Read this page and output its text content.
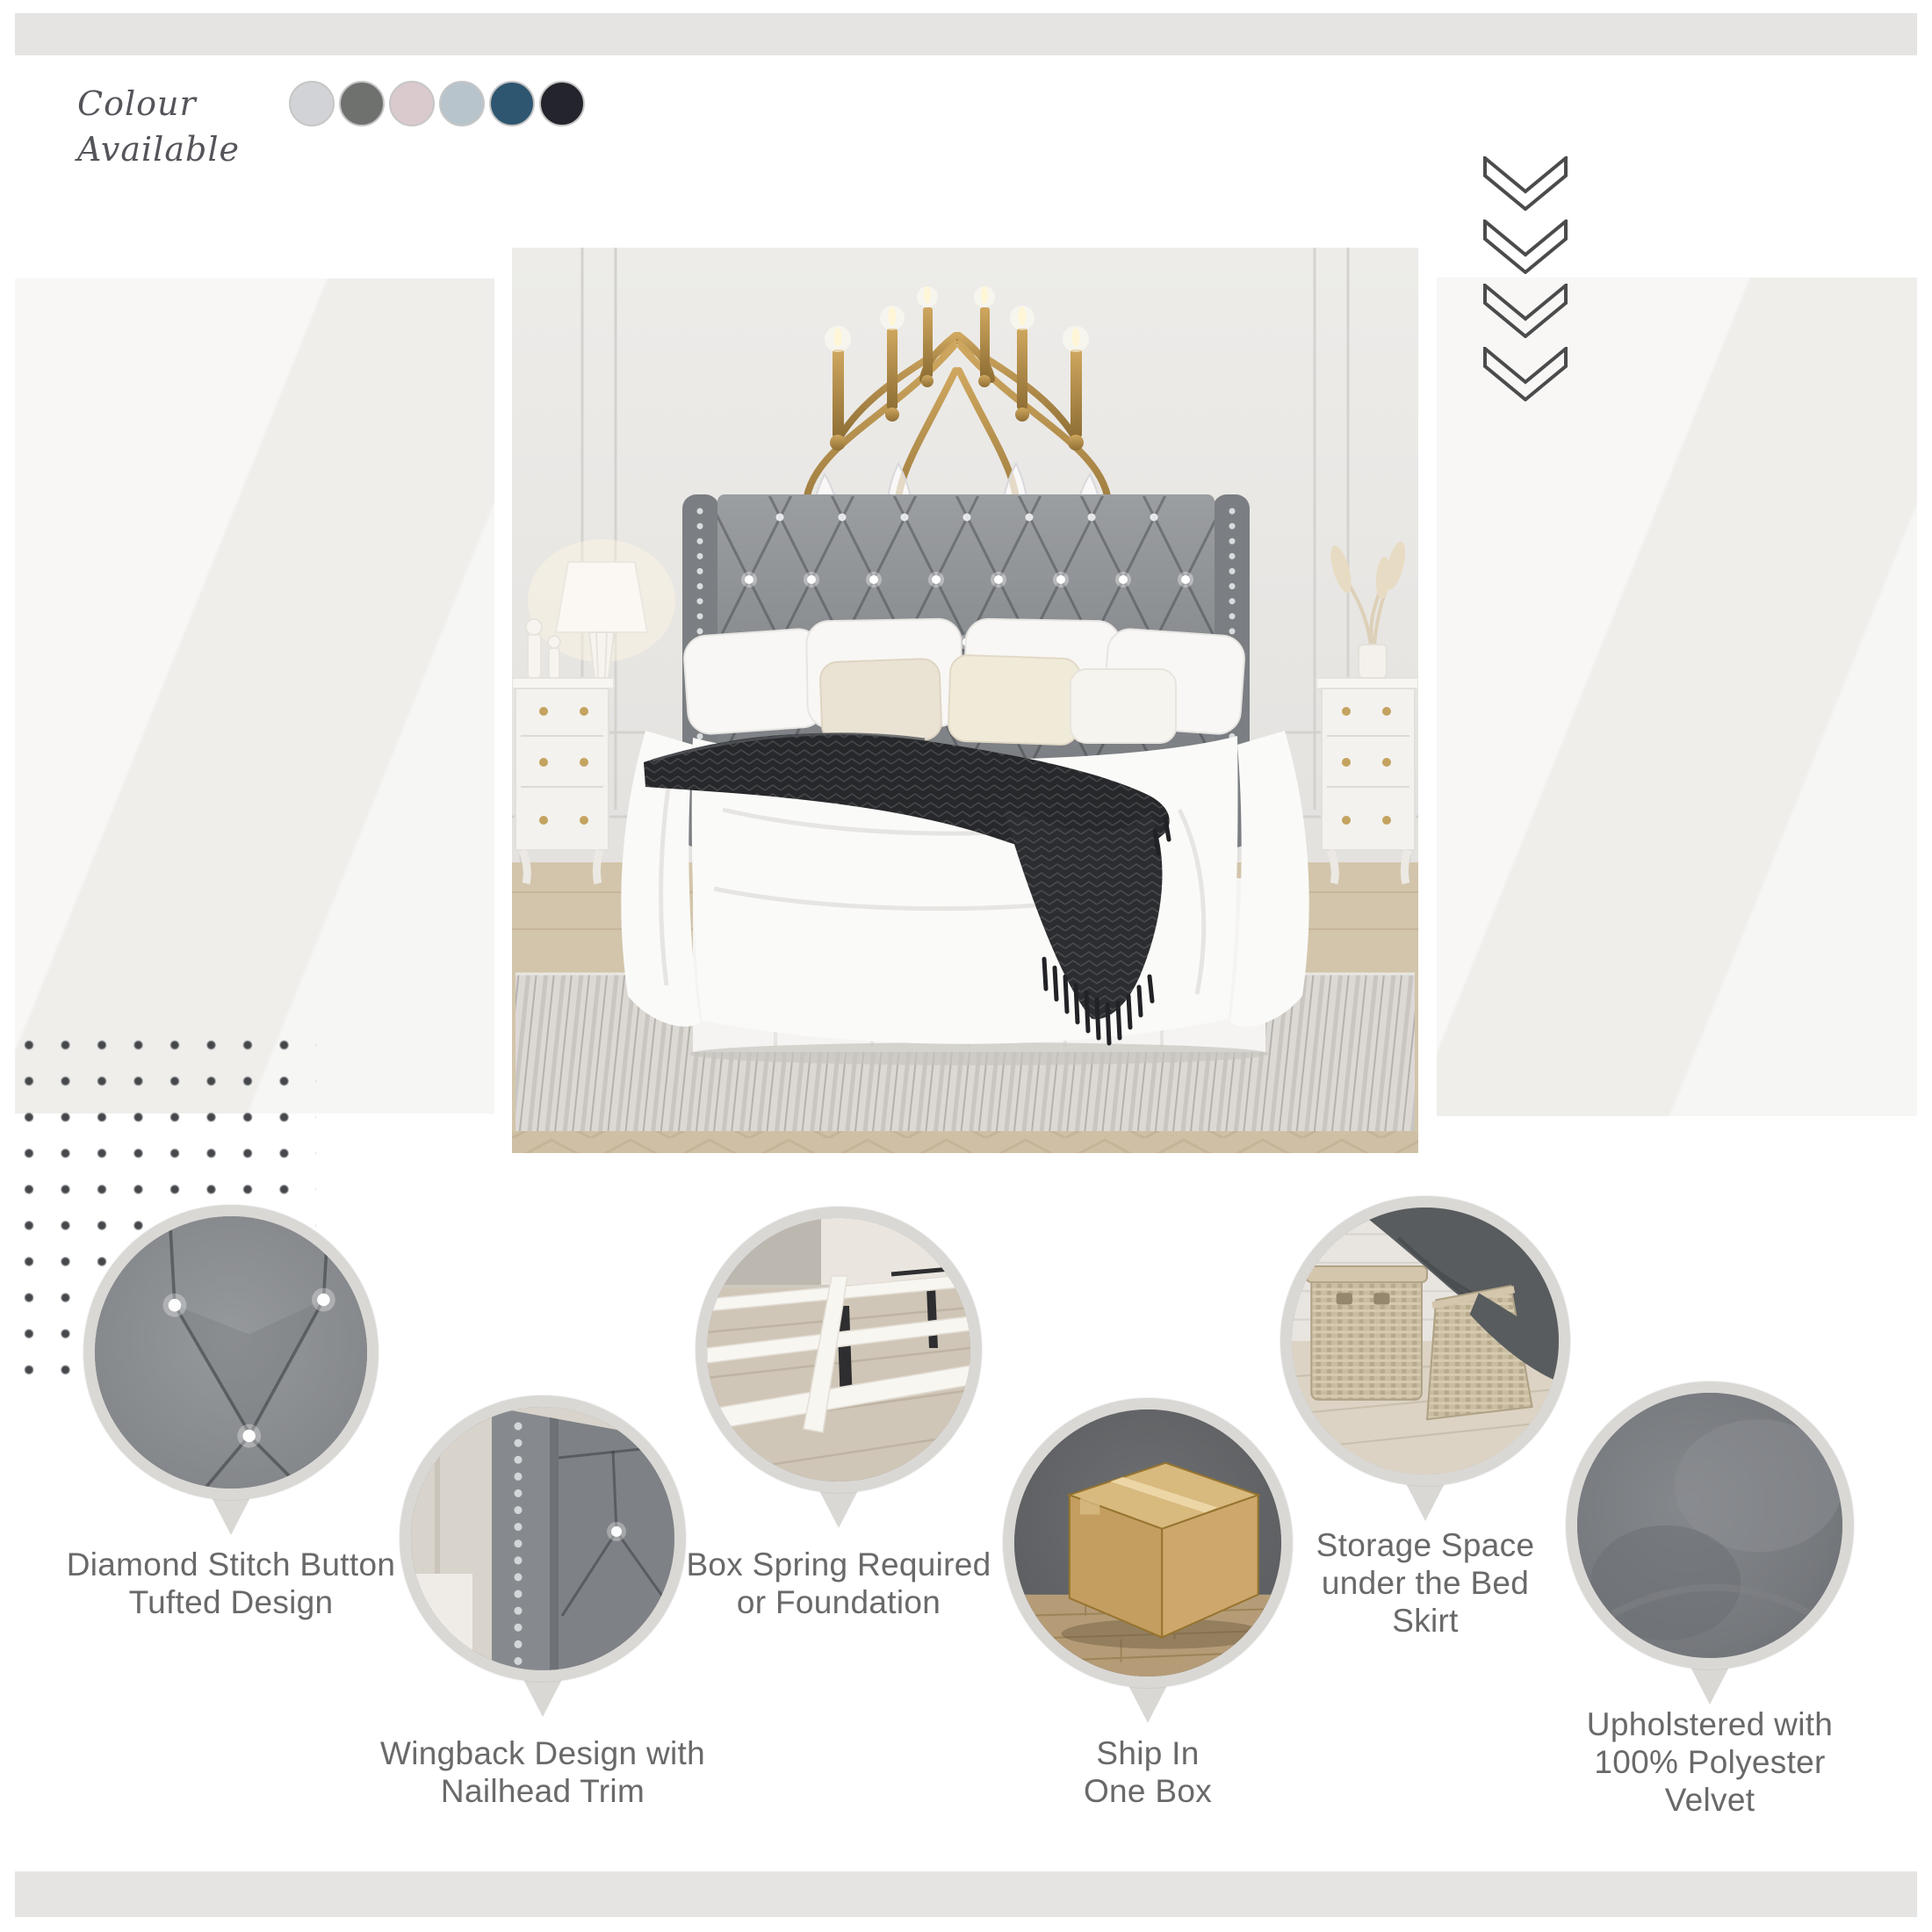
Colour Available
Diamond Stitch Button
Tufted Design
Wingback Design with
Nailhead Trim
Box Spring Required
or Foundation
Ship In
One Box
Storage Space
under the Bed
Skirt
Upholstered with
100% Polyester
Velvet
